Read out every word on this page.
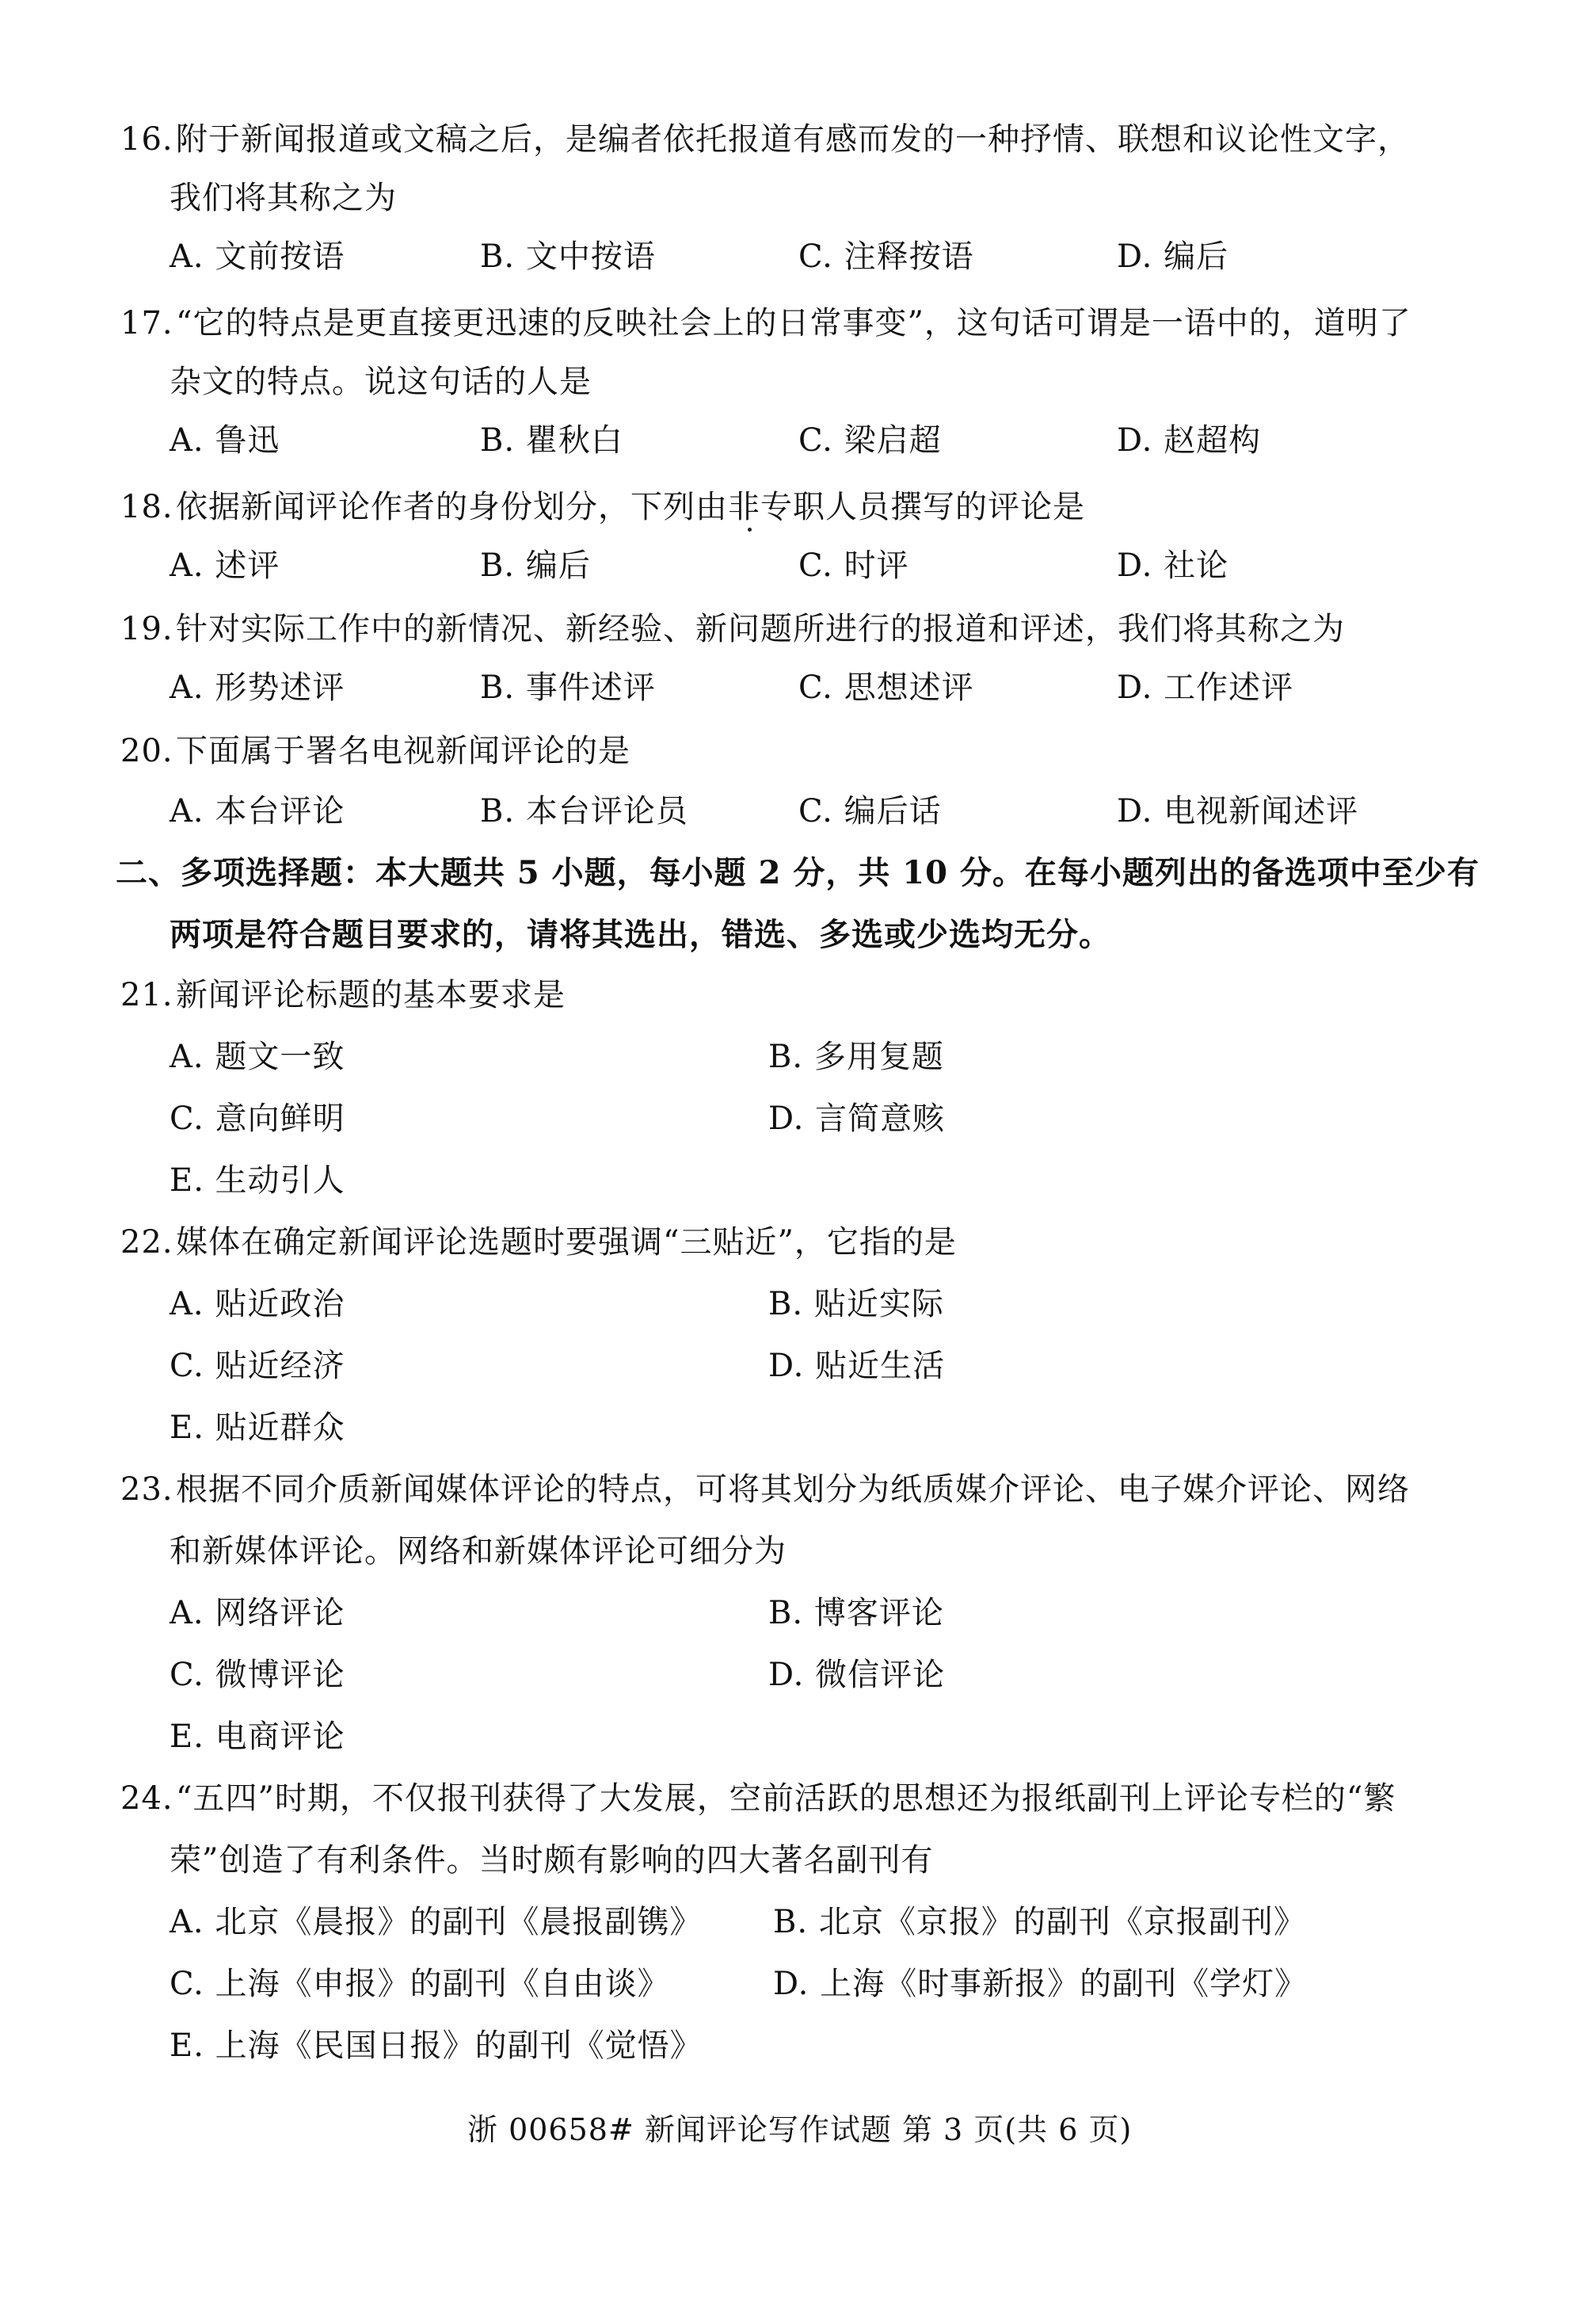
16.附于新闻报道或文稿之后，是编者依托报道有感而发的一种抒情、联想和议论性文字，
我们将其称之为
A. 文前按语	B. 文中按语	C. 注释按语	D. 编后
17.“它的特点是更直接更迅速的反映社会上的日常事变”，这句话可谓是一语中的，道明了
杂文的特点。说这句话的人是
A. 鲁迅	B. 瞿秋白	C. 梁启超	D. 赵超构
18.依据新闻评论作者的身份划分，下列由非专职人员撰写的评论是
A. 述评	B. 编后	C. 时评	D. 社论
19.针对实际工作中的新情况、新经验、新问题所进行的报道和评述，我们将其称之为
A. 形势述评	B. 事件述评	C. 思想述评	D. 工作述评
20.下面属于署名电视新闻评论的是
A. 本台评论	B. 本台评论员	C. 编后话	D. 电视新闻述评
二、多项选择题：本大题共 5 小题，每小题 2 分，共 10 分。在每小题列出的备选项中至少有
两项是符合题目要求的，请将其选出，错选、多选或少选均无分。
21.新闻评论标题的基本要求是
A. 题文一致	B. 多用复题
C. 意向鲜明	D. 言简意赅
E. 生动引人
22.媒体在确定新闻评论选题时要强调“三贴近”，它指的是
A. 贴近政治	B. 贴近实际
C. 贴近经济	D. 贴近生活
E. 贴近群众
23.根据不同介质新闻媒体评论的特点，可将其划分为纸质媒介评论、电子媒介评论、网络
和新媒体评论。网络和新媒体评论可细分为
A. 网络评论	B. 博客评论
C. 微博评论	D. 微信评论
E. 电商评论
24.“五四”时期，不仅报刊获得了大发展，空前活跃的思想还为报纸副刊上评论专栏的“繁
荣”创造了有利条件。当时颇有影响的四大著名副刊有
A. 北京《晨报》的副刊《晨报副镌》 B. 北京《京报》的副刊《京报副刊》
C. 上海《申报》的副刊《自由谈》	D. 上海《时事新报》的副刊《学灯》
E. 上海《民国日报》的副刊《觉悟》
浙 00658# 新闻评论写作试题 第 3 页(共 6 页)
